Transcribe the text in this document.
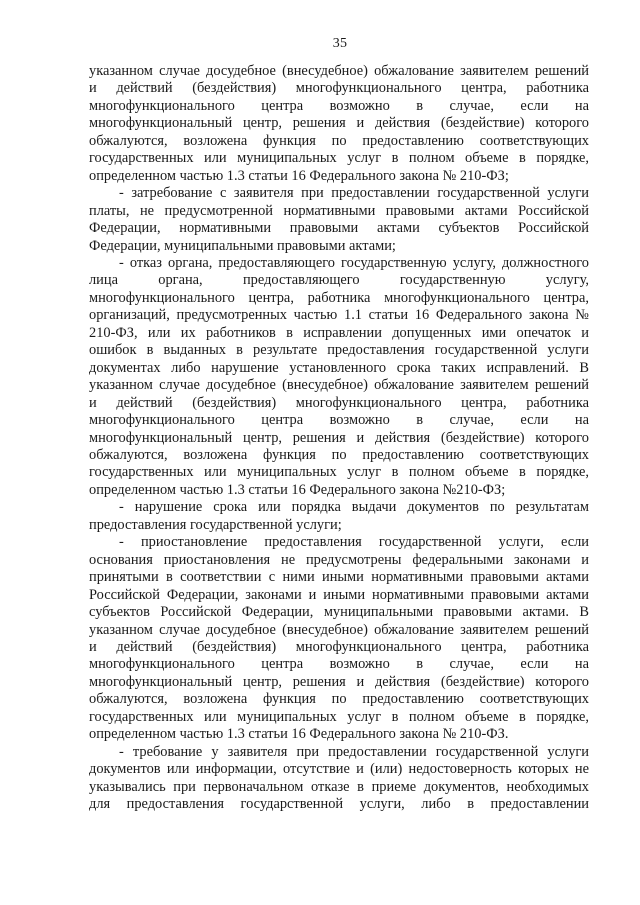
35
указанном случае досудебное (внесудебное) обжалование заявителем решений
и действий (бездействия) многофункционального центра, работника
многофункционального центра возможно в случае, если на
многофункциональный центр, решения и действия (бездействие) которого
обжалуются, возложена функция по предоставлению соответствующих
государственных или муниципальных услуг в полном объеме в порядке,
определенном частью 1.3 статьи 16 Федерального закона № 210-ФЗ;
- затребование с заявителя при предоставлении государственной услуги
платы, не предусмотренной нормативными правовыми актами Российской
Федерации, нормативными правовыми актами субъектов Российской
Федерации, муниципальными правовыми актами;
- отказ органа, предоставляющего государственную услугу, должностного
лица органа, предоставляющего государственную услугу,
многофункционального центра, работника многофункционального центра,
организаций, предусмотренных частью 1.1 статьи 16 Федерального закона №
210-ФЗ, или их работников в исправлении допущенных ими опечаток и
ошибок в выданных в результате предоставления государственной услуги
документах либо нарушение установленного срока таких исправлений. В
указанном случае досудебное (внесудебное) обжалование заявителем решений
и действий (бездействия) многофункционального центра, работника
многофункционального центра возможно в случае, если на
многофункциональный центр, решения и действия (бездействие) которого
обжалуются, возложена функция по предоставлению соответствующих
государственных или муниципальных услуг в полном объеме в порядке,
определенном частью 1.3 статьи 16 Федерального закона №210-ФЗ;
- нарушение срока или порядка выдачи документов по результатам
предоставления государственной услуги;
- приостановление предоставления государственной услуги, если
основания приостановления не предусмотрены федеральными законами и
принятыми в соответствии с ними иными нормативными правовыми актами
Российской Федерации, законами и иными нормативными правовыми актами
субъектов Российской Федерации, муниципальными правовыми актами. В
указанном случае досудебное (внесудебное) обжалование заявителем решений
и действий (бездействия) многофункционального центра, работника
многофункционального центра возможно в случае, если на
многофункциональный центр, решения и действия (бездействие) которого
обжалуются, возложена функция по предоставлению соответствующих
государственных или муниципальных услуг в полном объеме в порядке,
определенном частью 1.3 статьи 16 Федерального закона № 210-ФЗ.
- требование у заявителя при предоставлении государственной услуги
документов или информации, отсутствие и (или) недостоверность которых не
указывались при первоначальном отказе в приеме документов, необходимых
для предоставления государственной услуги, либо в предоставлении
